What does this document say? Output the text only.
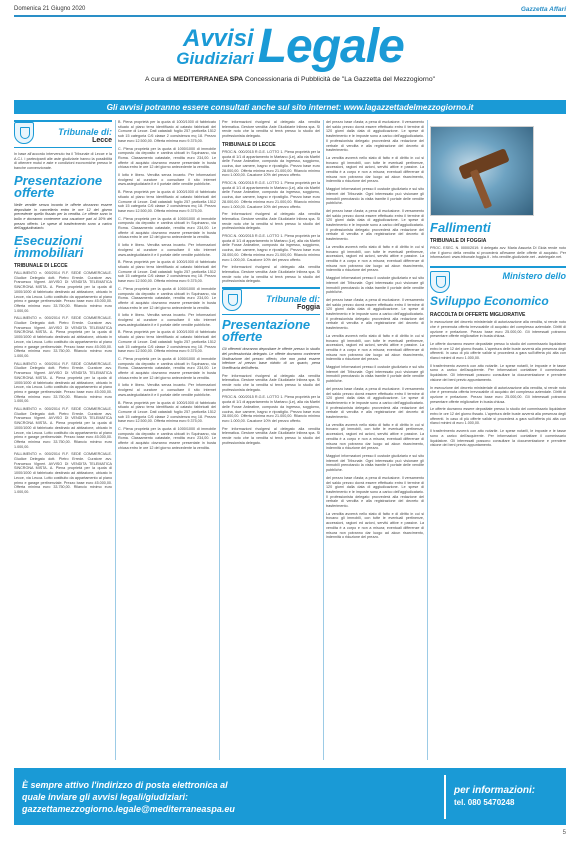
Domenica 21 Giugno 2020	Gazzetta Affari
Avvisi
Giudiziari Legale
A cura di MEDITERRANEA SPA Concessionaria di Pubblicità de "La Gazzetta del Mezzogiorno"
Gli avvisi potranno essere consultati anche sul sito internet: www.lagazzettadelmezzogiorno.it
Tribunale di:
Lecce

In base all'accordo intervenuto tra il Tribunale di Lecce e la A.C.I. i partecipanti alle aste giudiziarie hanno la possibilità di ottenere mutui e aste e condizioni economiche presso le banche convenzionate.

Presentazione offerte

Nelle vendite senza incanto le offerte dovranno essere depositate in cancelleria entro le ore 12 del giorno precedente quello fissato per la vendita. Le offerte sono in bollo e dovranno contenere una cauzione pari al 10% del prezzo offerto. Le spese di trasferimento sono a carico dell'aggiudicatario.

Esecuzioni immobiliari
TRIBUNALE DI LECCE

FALLIMENTO n. 000/2014 R.F. SEDE COMMERCIALE. Giudice Delegato dott. Pietro Errede. Curatore avv. Francesco Vigneri. AVVISO DI VENDITA TELEMATICA SINCRONA MISTA. A. Piena proprietà per la quota di 1000/1000 di fabbricato destinato ad abitazione, ubicato in Lecce, via Leuca. Lotto costituito da appartamento al piano primo e garage pertinenziale. Prezzo base euro 45.000,00. Offerta minima euro 33.750,00. Rilancio minimo euro 1.000,00.

FALLIMENTO n. 000/2014 R.F. SEDE COMMERCIALE. Giudice Delegato dott. Pietro Errede. Curatore avv. Francesco Vigneri. AVVISO DI VENDITA TELEMATICA SINCRONA MISTA. A. Piena proprietà per la quota di 1000/1000 di fabbricato destinato ad abitazione, ubicato in Lecce, via Leuca. Lotto costituito da appartamento al piano primo e garage pertinenziale. Prezzo base euro 45.000,00. Offerta minima euro 33.750,00. Rilancio minimo euro 1.000,00.

FALLIMENTO n. 000/2014 R.F. SEDE COMMERCIALE. Giudice Delegato dott. Pietro Errede. Curatore avv. Francesco Vigneri. AVVISO DI VENDITA TELEMATICA SINCRONA MISTA. A. Piena proprietà per la quota di 1000/1000 di fabbricato destinato ad abitazione, ubicato in Lecce, via Leuca. Lotto costituito da appartamento al piano primo e garage pertinenziale. Prezzo base euro 45.000,00. Offerta minima euro 33.750,00. Rilancio minimo euro 1.000,00.

FALLIMENTO n. 000/2014 R.F. SEDE COMMERCIALE. Giudice Delegato dott. Pietro Errede. Curatore avv. Francesco Vigneri. AVVISO DI VENDITA TELEMATICA SINCRONA MISTA. A. Piena proprietà per la quota di 1000/1000 di fabbricato destinato ad abitazione, ubicato in Lecce, via Leuca. Lotto costituito da appartamento al piano primo e garage pertinenziale. Prezzo base euro 45.000,00. Offerta minima euro 33.750,00. Rilancio minimo euro 1.000,00.

FALLIMENTO n. 000/2014 R.F. SEDE COMMERCIALE. Giudice Delegato dott. Pietro Errede. Curatore avv. Francesco Vigneri. AVVISO DI VENDITA TELEMATICA SINCRONA MISTA. A. Piena proprietà per la quota di 1000/1000 di fabbricato destinato ad abitazione, ubicato in Lecce, via Leuca. Lotto costituito da appartamento al piano primo e garage pertinenziale. Prezzo base euro 45.000,00. Offerta minima euro 33.750,00. Rilancio minimo euro 1.000,00.

B. Piena proprietà per la quota di 1000/1000 di fabbricato situato al piano terra identificato al catasto fabbricati del Comune di Lecce. Dati catastali: foglio 257 particella 1512 sub 15 categoria C/6 classe 2 consistenza mq 18. Prezzo base euro 12.500,00. Offerta minima euro 9.375,00.

C. Piena proprietà per la quota di 1000/1000 di immobile composto da deposito e cantina ubicati in Squinzano, via Roma. Classamento catastale, rendita euro 234,00. Le offerte di acquisto dovranno essere presentate in busta chiusa entro le ore 12 del giorno antecedente la vendita.

Il lotto è libero. Vendita senza incanto. Per informazioni rivolgersi al curatore o consultare il sito internet www.astegiudiziarie.it e il portale delle vendite pubbliche.

B. Piena proprietà per la quota di 1000/1000 di fabbricato situato al piano terra identificato al catasto fabbricati del Comune di Lecce. Dati catastali: foglio 257 particella 1512 sub 15 categoria C/6 classe 2 consistenza mq 18. Prezzo base euro 12.500,00. Offerta minima euro 9.375,00.

C. Piena proprietà per la quota di 1000/1000 di immobile composto da deposito e cantina ubicati in Squinzano, via Roma. Classamento catastale, rendita euro 234,00. Le offerte di acquisto dovranno essere presentate in busta chiusa entro le ore 12 del giorno antecedente la vendita.

Il lotto è libero. Vendita senza incanto. Per informazioni rivolgersi al curatore o consultare il sito internet www.astegiudiziarie.it e il portale delle vendite pubbliche.

B. Piena proprietà per la quota di 1000/1000 di fabbricato situato al piano terra identificato al catasto fabbricati del Comune di Lecce. Dati catastali: foglio 257 particella 1512 sub 15 categoria C/6 classe 2 consistenza mq 18. Prezzo base euro 12.500,00. Offerta minima euro 9.375,00.

C. Piena proprietà per la quota di 1000/1000 di immobile composto da deposito e cantina ubicati in Squinzano, via Roma. Classamento catastale, rendita euro 234,00. Le offerte di acquisto dovranno essere presentate in busta chiusa entro le ore 12 del giorno antecedente la vendita.

Il lotto è libero. Vendita senza incanto. Per informazioni rivolgersi al curatore o consultare il sito internet www.astegiudiziarie.it e il portale delle vendite pubbliche.

B. Piena proprietà per la quota di 1000/1000 di fabbricato situato al piano terra identificato al catasto fabbricati del Comune di Lecce. Dati catastali: foglio 257 particella 1512 sub 15 categoria C/6 classe 2 consistenza mq 18. Prezzo base euro 12.500,00. Offerta minima euro 9.375,00.

C. Piena proprietà per la quota di 1000/1000 di immobile composto da deposito e cantina ubicati in Squinzano, via Roma. Classamento catastale, rendita euro 234,00. Le offerte di acquisto dovranno essere presentate in busta chiusa entro le ore 12 del giorno antecedente la vendita.

Il lotto è libero. Vendita senza incanto. Per informazioni rivolgersi al curatore o consultare il sito internet www.astegiudiziarie.it e il portale delle vendite pubbliche.

B. Piena proprietà per la quota di 1000/1000 di fabbricato situato al piano terra identificato al catasto fabbricati del Comune di Lecce. Dati catastali: foglio 257 particella 1512 sub 15 categoria C/6 classe 2 consistenza mq 18. Prezzo base euro 12.500,00. Offerta minima euro 9.375,00.

C. Piena proprietà per la quota di 1000/1000 di immobile composto da deposito e cantina ubicati in Squinzano, via Roma. Classamento catastale, rendita euro 234,00. Le offerte di acquisto dovranno essere presentate in busta chiusa entro le ore 12 del giorno antecedente la vendita.

Per informazioni rivolgersi al delegato alla vendita telematica. Gestore vendita: Aste Giudiziarie Inlinea spa. Si rende noto che la vendita si terrà presso lo studio del professionista delegato.

TRIBUNALE DI LECCE

PROC.N. 000/2015 R.G.E. LOTTO 1. Piena proprietà per la quota di 1/1 di appartamento in Martano (Le), alla via Martiri delle Fosse Ardeatine, composto da ingresso, soggiorno, cucina, due camere, bagno e ripostiglio. Prezzo base euro 28.000,00. Offerta minima euro 21.000,00. Rilancio minimo euro 1.000,00. Cauzione 10% del prezzo offerto.

PROC.N. 000/2015 R.G.E. LOTTO 1. Piena proprietà per la quota di 1/1 di appartamento in Martano (Le), alla via Martiri delle Fosse Ardeatine, composto da ingresso, soggiorno, cucina, due camere, bagno e ripostiglio. Prezzo base euro 28.000,00. Offerta minima euro 21.000,00. Rilancio minimo euro 1.000,00. Cauzione 10% del prezzo offerto.

Per informazioni rivolgersi al delegato alla vendita telematica. Gestore vendita: Aste Giudiziarie Inlinea spa. Si rende noto che la vendita si terrà presso lo studio del professionista delegato.

PROC.N. 000/2015 R.G.E. LOTTO 1. Piena proprietà per la quota di 1/1 di appartamento in Martano (Le), alla via Martiri delle Fosse Ardeatine, composto da ingresso, soggiorno, cucina, due camere, bagno e ripostiglio. Prezzo base euro 28.000,00. Offerta minima euro 21.000,00. Rilancio minimo euro 1.000,00. Cauzione 10% del prezzo offerto.

Per informazioni rivolgersi al delegato alla vendita telematica. Gestore vendita: Aste Giudiziarie Inlinea spa. Si rende noto che la vendita si terrà presso lo studio del professionista delegato.

Tribunale di:
Foggia
Presentazione offerte

Gli offerenti dovranno depositare le offerte presso lo studio del professionista delegato. Le offerte dovranno contenere l'indicazione del prezzo offerto, che non potrà essere inferiore al prezzo base ridotto di un quarto, pena l'inefficacia dell'offerta.

Per informazioni rivolgersi al delegato alla vendita telematica. Gestore vendita: Aste Giudiziarie Inlinea spa. Si rende noto che la vendita si terrà presso lo studio del professionista delegato.

PROC.N. 000/2015 R.G.E. LOTTO 1. Piena proprietà per la quota di 1/1 di appartamento in Martano (Le), alla via Martiri delle Fosse Ardeatine, composto da ingresso, soggiorno, cucina, due camere, bagno e ripostiglio. Prezzo base euro 28.000,00. Offerta minima euro 21.000,00. Rilancio minimo euro 1.000,00. Cauzione 10% del prezzo offerto.

Per informazioni rivolgersi al delegato alla vendita telematica. Gestore vendita: Aste Giudiziarie Inlinea spa. Si rende noto che la vendita si terrà presso lo studio del professionista delegato.

del prezzo base d'asta; a pena di esclusione. Il versamento del saldo prezzo dovrà essere effettuato entro il termine di 120 giorni dalla data di aggiudicazione. Le spese di trasferimento e le imposte sono a carico dell'aggiudicatario. Il professionista delegato provvederà alla redazione del verbale di vendita e alla registrazione del decreto di trasferimento.

La vendita avverrà nello stato di fatto e di diritto in cui si trovano gli immobili, con tutte le eventuali pertinenze, accessioni, ragioni ed azioni, servitù attive e passive. La vendita è a corpo e non a misura; eventuali differenze di misura non potranno dar luogo ad alcun risarcimento, indennità o riduzione del prezzo.

Maggiori informazioni presso il custode giudiziario e sul sito internet del Tribunale. Ogni interessato può visionare gli immobili prenotando la visita tramite il portale delle vendite pubbliche.

del prezzo base d'asta; a pena di esclusione. Il versamento del saldo prezzo dovrà essere effettuato entro il termine di 120 giorni dalla data di aggiudicazione. Le spese di trasferimento e le imposte sono a carico dell'aggiudicatario. Il professionista delegato provvederà alla redazione del verbale di vendita e alla registrazione del decreto di trasferimento.

La vendita avverrà nello stato di fatto e di diritto in cui si trovano gli immobili, con tutte le eventuali pertinenze, accessioni, ragioni ed azioni, servitù attive e passive. La vendita è a corpo e non a misura; eventuali differenze di misura non potranno dar luogo ad alcun risarcimento, indennità o riduzione del prezzo.

Maggiori informazioni presso il custode giudiziario e sul sito internet del Tribunale. Ogni interessato può visionare gli immobili prenotando la visita tramite il portale delle vendite pubbliche.

del prezzo base d'asta; a pena di esclusione. Il versamento del saldo prezzo dovrà essere effettuato entro il termine di 120 giorni dalla data di aggiudicazione. Le spese di trasferimento e le imposte sono a carico dell'aggiudicatario. Il professionista delegato provvederà alla redazione del verbale di vendita e alla registrazione del decreto di trasferimento.

La vendita avverrà nello stato di fatto e di diritto in cui si trovano gli immobili, con tutte le eventuali pertinenze, accessioni, ragioni ed azioni, servitù attive e passive. La vendita è a corpo e non a misura; eventuali differenze di misura non potranno dar luogo ad alcun risarcimento, indennità o riduzione del prezzo.

Maggiori informazioni presso il custode giudiziario e sul sito internet del Tribunale. Ogni interessato può visionare gli immobili prenotando la visita tramite il portale delle vendite pubbliche.

del prezzo base d'asta; a pena di esclusione. Il versamento del saldo prezzo dovrà essere effettuato entro il termine di 120 giorni dalla data di aggiudicazione. Le spese di trasferimento e le imposte sono a carico dell'aggiudicatario. Il professionista delegato provvederà alla redazione del verbale di vendita e alla registrazione del decreto di trasferimento.

La vendita avverrà nello stato di fatto e di diritto in cui si trovano gli immobili, con tutte le eventuali pertinenze, accessioni, ragioni ed azioni, servitù attive e passive. La vendita è a corpo e non a misura; eventuali differenze di misura non potranno dar luogo ad alcun risarcimento, indennità o riduzione del prezzo.

Maggiori informazioni presso il custode giudiziario e sul sito internet del Tribunale. Ogni interessato può visionare gli immobili prenotando la visita tramite il portale delle vendite pubbliche.

del prezzo base d'asta; a pena di esclusione. Il versamento del saldo prezzo dovrà essere effettuato entro il termine di 120 giorni dalla data di aggiudicazione. Le spese di trasferimento e le imposte sono a carico dell'aggiudicatario. Il professionista delegato provvederà alla redazione del verbale di vendita e alla registrazione del decreto di trasferimento.

La vendita avverrà nello stato di fatto e di diritto in cui si trovano gli immobili, con tutte le eventuali pertinenze, accessioni, ragioni ed azioni, servitù attive e passive. La vendita è a corpo e non a misura; eventuali differenze di misura non potranno dar luogo ad alcun risarcimento, indennità o riduzione del prezzo.

Fallimenti
TRIBUNALE DI FOGGIA

PROC. ESEC. N. 0000/2019. Il delegato avv. Maria Assunta Di Gioia rende noto che il giorno della vendita si procederà all'esame delle offerte di acquisto. Per informazioni: www.tribunale.foggia.it - info.vendite-giudiziarie.net - astelegale.net.

Ministero dello
Sviluppo Economico
RACCOLTA DI OFFERTE MIGLIORATIVE

In esecuzione del decreto ministeriale di autorizzazione alla vendita, si rende noto che è pervenuta offerta irrevocabile di acquisto del complesso aziendale. Diritti di opzione e prelazione. Prezzo base euro 25.000,00. Gli interessati potranno presentare offerte migliorative in busta chiusa.

Le offerte dovranno essere depositate presso lo studio del commissario liquidatore entro le ore 12 del giorno fissato. L'apertura delle buste avverrà alla presenza degli offerenti. In caso di più offerte valide si procederà a gara sull'offerta più alta con rilanci minimi di euro 1.000,00.

Il trasferimento avverrà con atto notarile. Le spese notarili, le imposte e le tasse sono a carico dell'acquirente. Per informazioni contattare il commissario liquidatore. Gli interessati possono consultare la documentazione e prendere visione dei beni previo appuntamento.

In esecuzione del decreto ministeriale di autorizzazione alla vendita, si rende noto che è pervenuta offerta irrevocabile di acquisto del complesso aziendale. Diritti di opzione e prelazione. Prezzo base euro 25.000,00. Gli interessati potranno presentare offerte migliorative in busta chiusa.

Le offerte dovranno essere depositate presso lo studio del commissario liquidatore entro le ore 12 del giorno fissato. L'apertura delle buste avverrà alla presenza degli offerenti. In caso di più offerte valide si procederà a gara sull'offerta più alta con rilanci minimi di euro 1.000,00.

Il trasferimento avverrà con atto notarile. Le spese notarili, le imposte e le tasse sono a carico dell'acquirente. Per informazioni contattare il commissario liquidatore. Gli interessati possono consultare la documentazione e prendere visione dei beni previo appuntamento.

È sempre attivo l'indirizzo di posta elettronica al
quale inviare gli avvisi legali/giudiziari:
gazzettamezzogiorno.legale@mediterraneaspa.eu
per informazioni:
tel. 080 5470248
5
